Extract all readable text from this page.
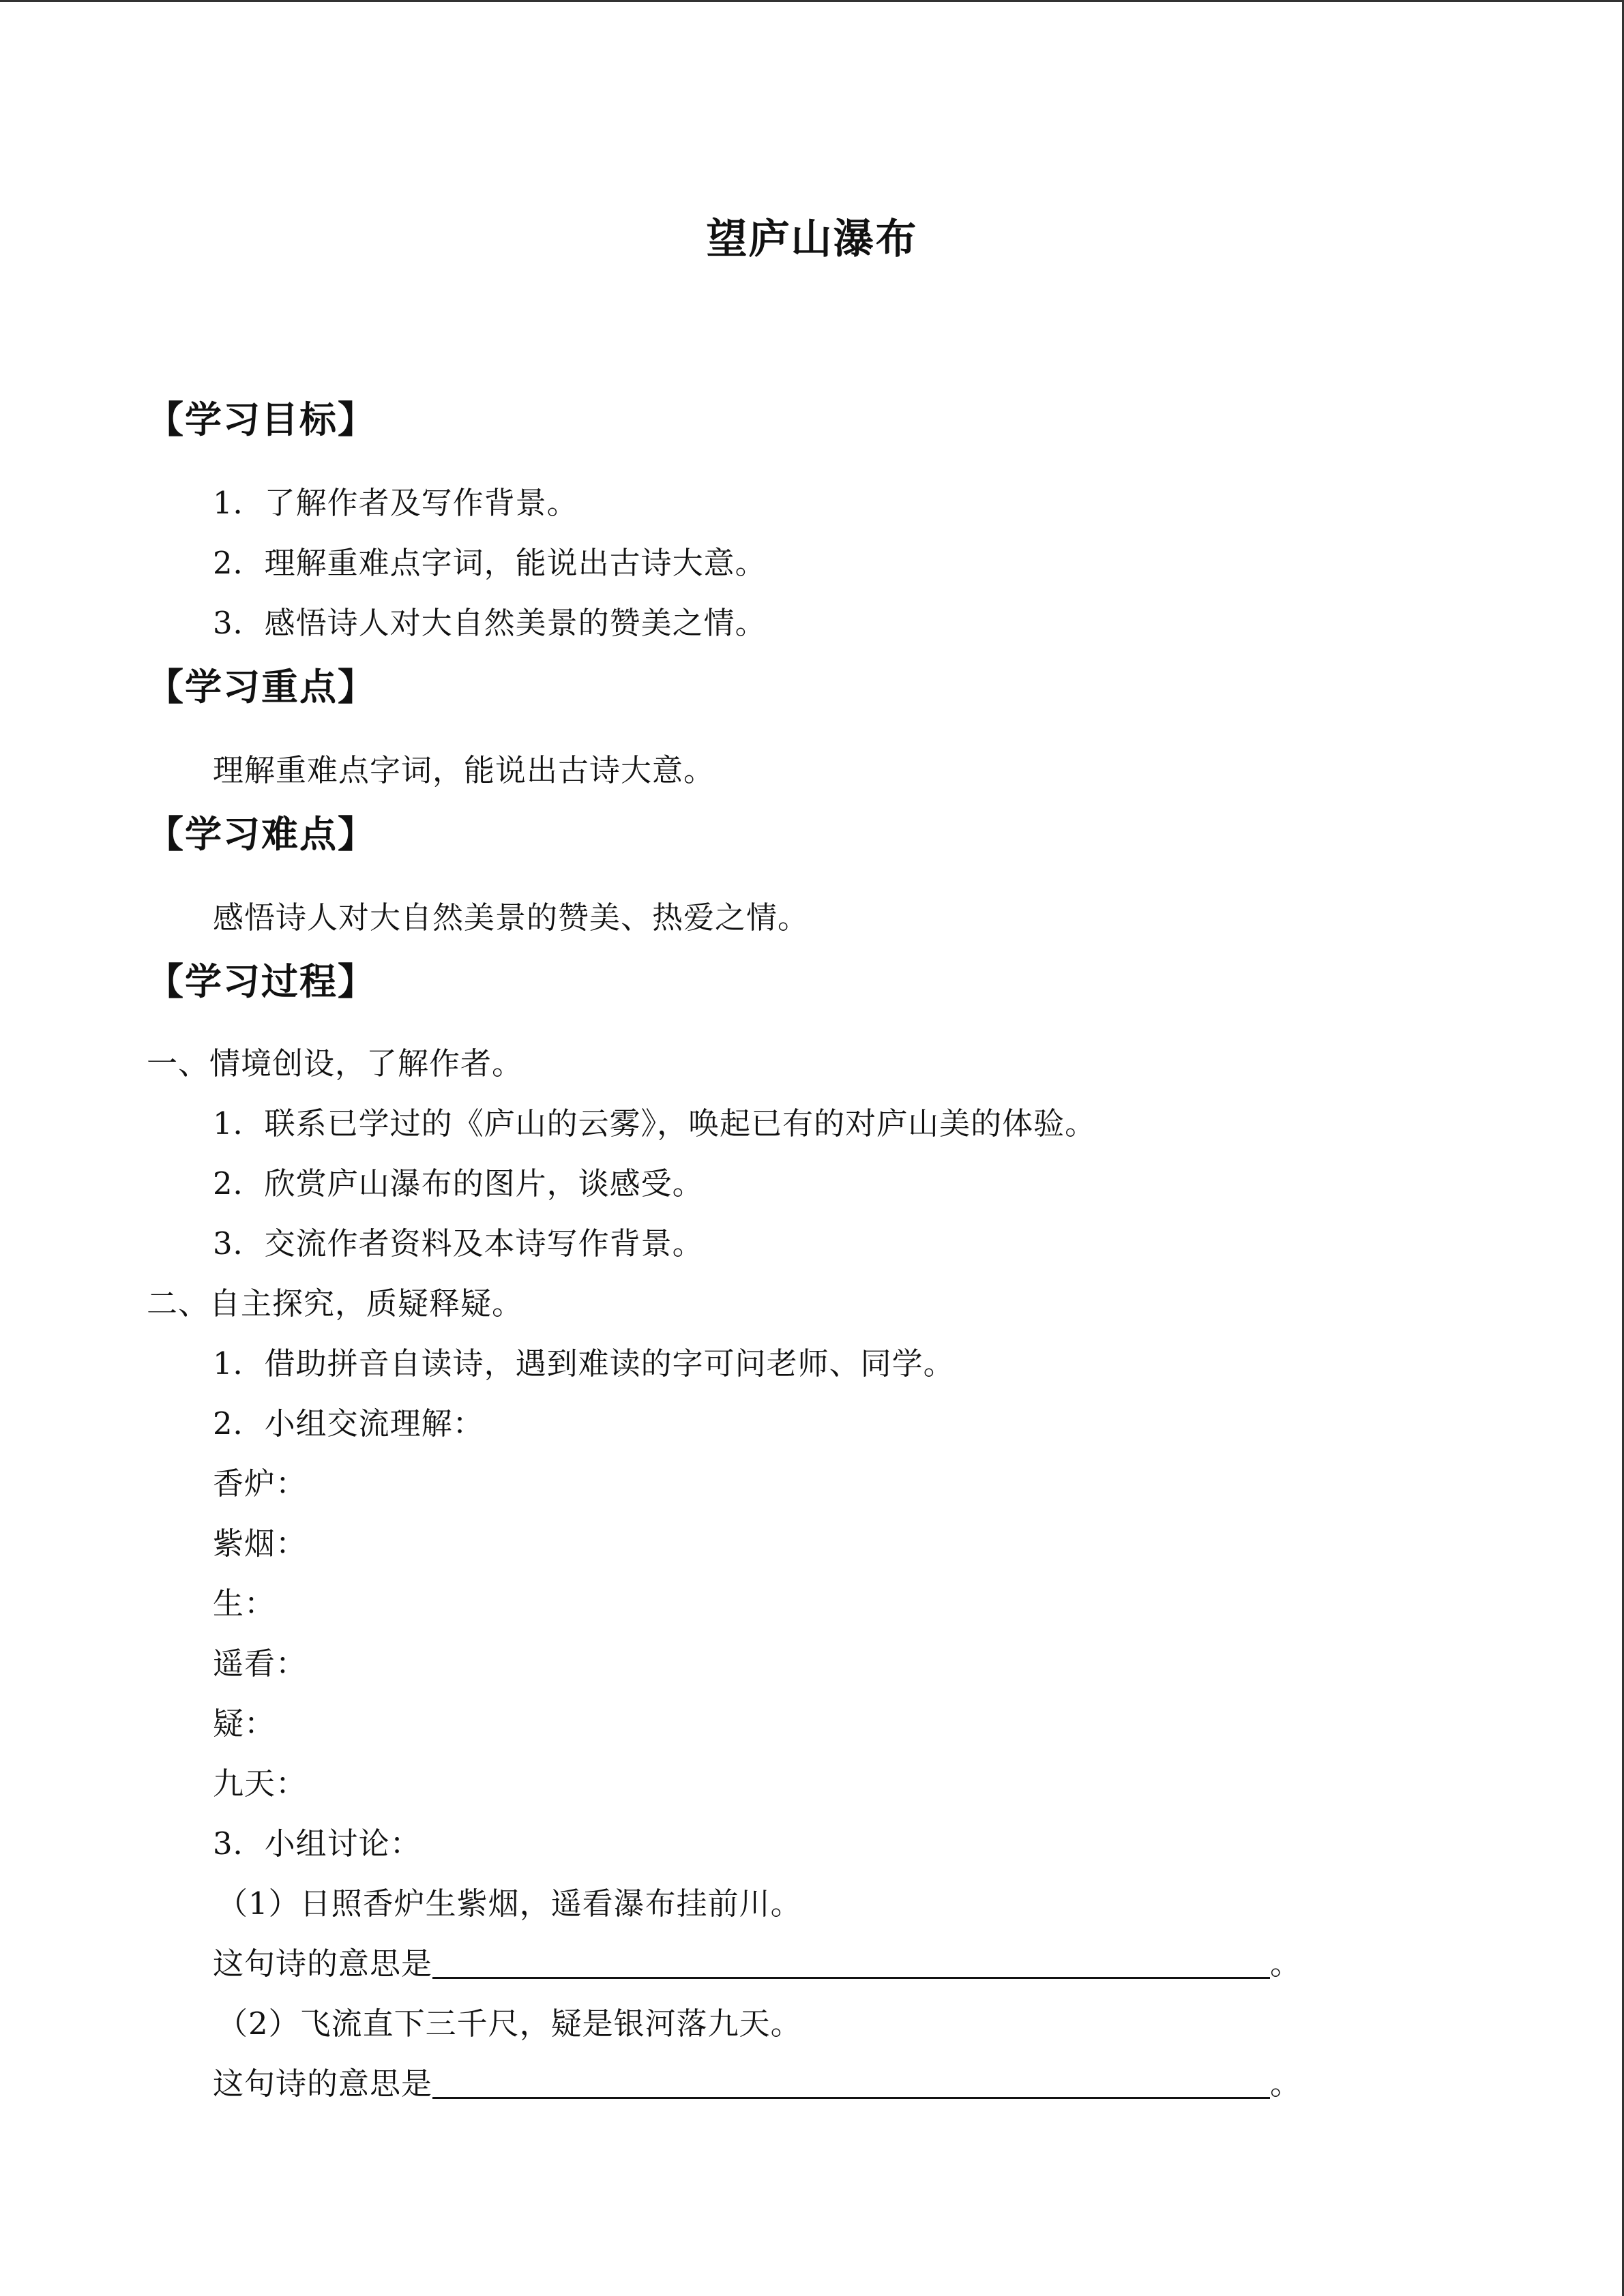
望庐山瀑布
【学习目标】
1．了解作者及写作背景。
2．理解重难点字词，能说出古诗大意。
3．感悟诗人对大自然美景的赞美之情。
【学习重点】
理解重难点字词，能说出古诗大意。
【学习难点】
感悟诗人对大自然美景的赞美、热爱之情。
【学习过程】
一、情境创设，了解作者。
1．联系已学过的《庐山的云雾》，唤起已有的对庐山美的体验。
2．欣赏庐山瀑布的图片，谈感受。
3．交流作者资料及本诗写作背景。
二、自主探究，质疑释疑。
1．借助拼音自读诗，遇到难读的字可问老师、同学。
2．小组交流理解：
香炉：
紫烟：
生：
遥看：
疑：
九天：
3．小组讨论：
（1）日照香炉生紫烟，遥看瀑布挂前川。
这句诗的意思是	。
（2）飞流直下三千尺，疑是银河落九天。
这句诗的意思是	。
